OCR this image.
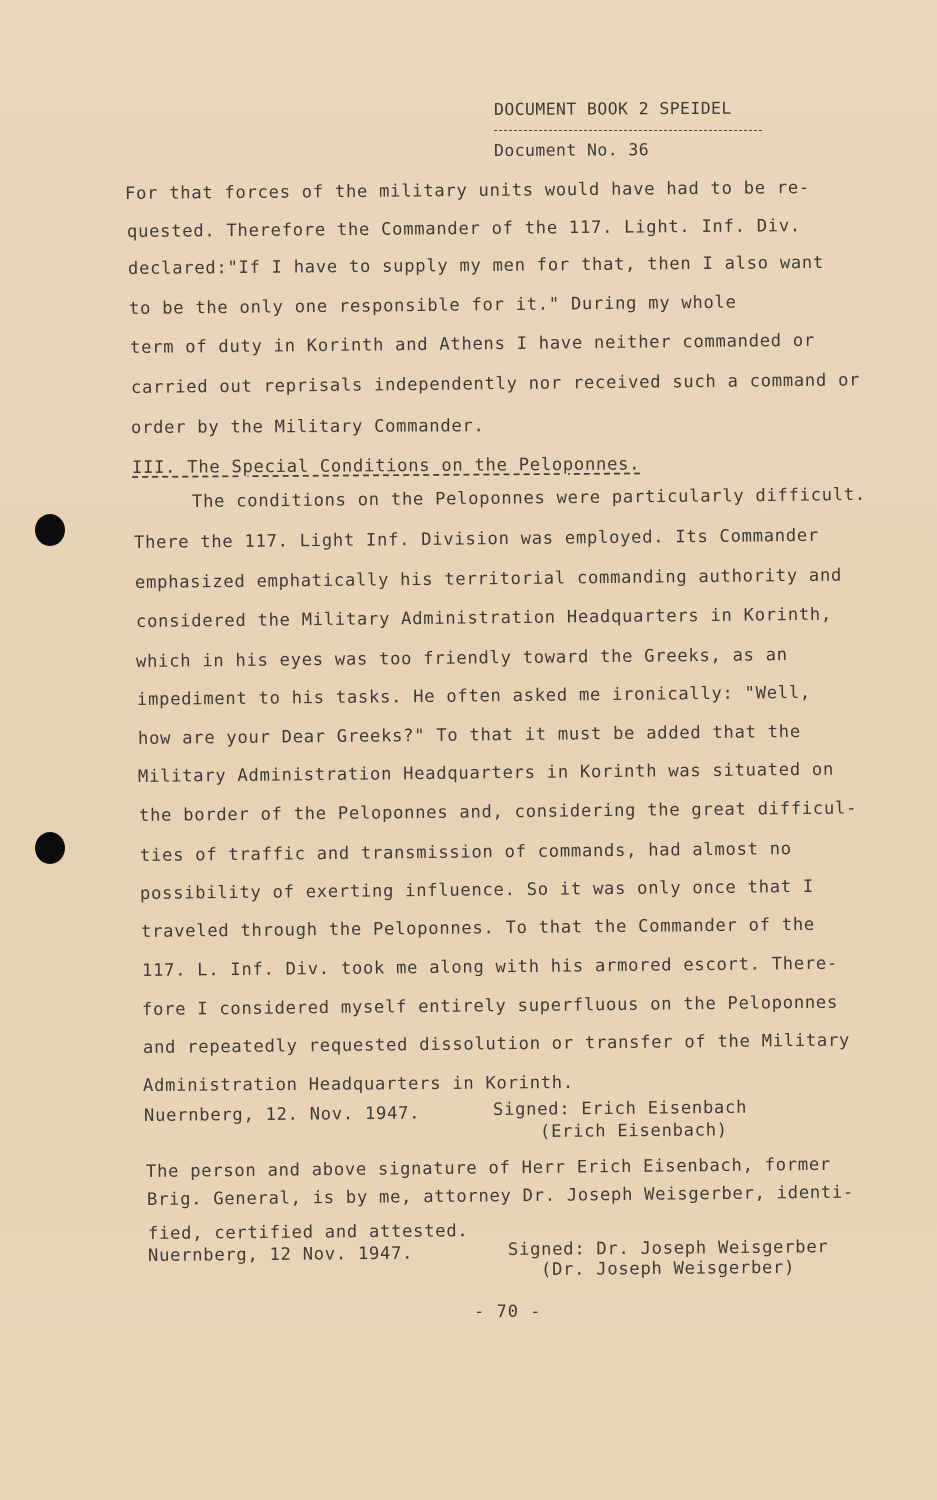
DOCUMENT BOOK 2 SPEIDEL
Document No. 36
For that forces of the military units would have had to be re-
quested. Therefore the Commander of the 117. Light. Inf. Div.
declared:"If I have to supply my men for that, then I also want
to be the only one responsible for it." During my whole
term of duty in Korinth and Athens I have neither commanded or
carried out reprisals independently nor received such a command or
order by the Military Commander.
III. The Special Conditions on the Peloponnes.
The conditions on the Peloponnes were particularly difficult.
There the 117. Light Inf. Division was employed. Its Commander
emphasized emphatically his territorial commanding authority and
considered the Military Administration Headquarters in Korinth,
which in his eyes was too friendly toward the Greeks, as an
impediment to his tasks. He often asked me ironically: "Well,
how are your Dear Greeks?" To that it must be added that the
Military Administration Headquarters in Korinth was situated on
the border of the Peloponnes and, considering the great difficul-
ties of traffic and transmission of commands, had almost no
possibility of exerting influence. So it was only once that I
traveled through the Peloponnes. To that the Commander of the
117. L. Inf. Div. took me along with his armored escort. There-
fore I considered myself entirely superfluous on the Peloponnes
and repeatedly requested dissolution or transfer of the Military
Administration Headquarters in Korinth.
Nuernberg, 12. Nov. 1947.	Signed: Erich Eisenbach
(Erich Eisenbach)
The person and above signature of Herr Erich Eisenbach, former
Brig. General, is by me, attorney Dr. Joseph Weisgerber, identi-
fied, certified and attested.
Nuernberg, 12 Nov. 1947.	Signed: Dr. Joseph Weisgerber
(Dr. Joseph Weisgerber)
- 70 -
